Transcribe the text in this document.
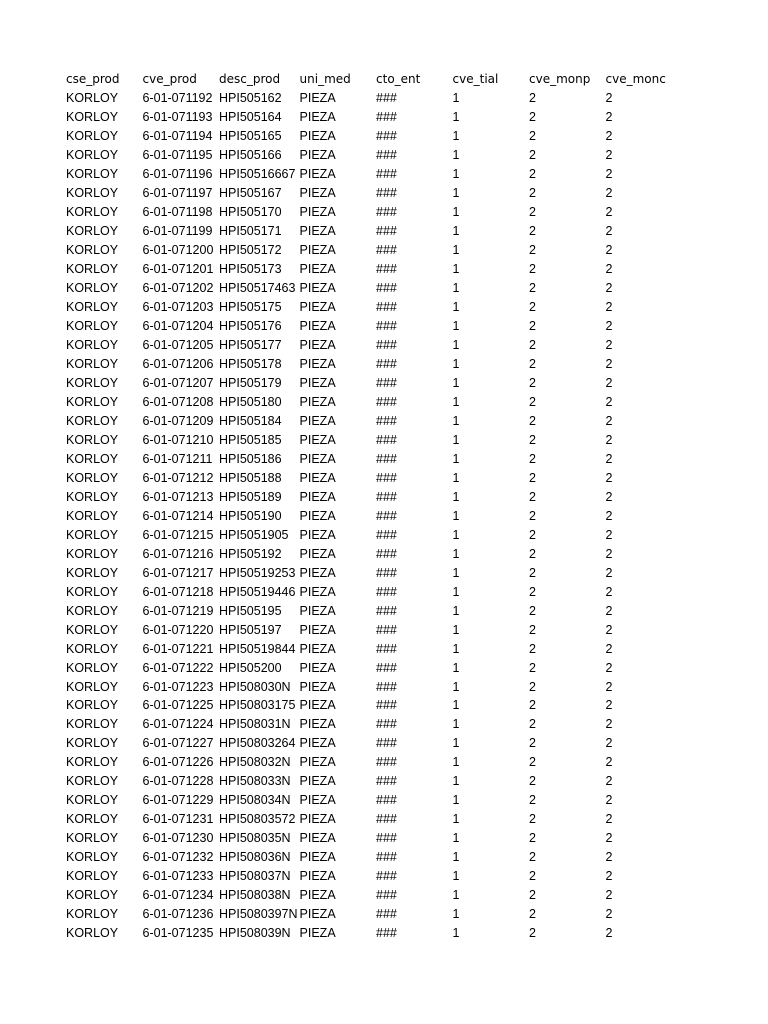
cse_prod	cve_prod	desc_prod	uni_med	cto_ent	cve_tial	cve_monp	cve_monc
KORLOY	6-01-071192	HPI505162	PIEZA	###	1	2	2
KORLOY	6-01-071193	HPI505164	PIEZA	###	1	2	2
KORLOY	6-01-071194	HPI505165	PIEZA	###	1	2	2
KORLOY	6-01-071195	HPI505166	PIEZA	###	1	2	2
KORLOY	6-01-071196	HPI50516667	PIEZA	###	1	2	2
KORLOY	6-01-071197	HPI505167	PIEZA	###	1	2	2
KORLOY	6-01-071198	HPI505170	PIEZA	###	1	2	2
KORLOY	6-01-071199	HPI505171	PIEZA	###	1	2	2
KORLOY	6-01-071200	HPI505172	PIEZA	###	1	2	2
KORLOY	6-01-071201	HPI505173	PIEZA	###	1	2	2
KORLOY	6-01-071202	HPI50517463	PIEZA	###	1	2	2
KORLOY	6-01-071203	HPI505175	PIEZA	###	1	2	2
KORLOY	6-01-071204	HPI505176	PIEZA	###	1	2	2
KORLOY	6-01-071205	HPI505177	PIEZA	###	1	2	2
KORLOY	6-01-071206	HPI505178	PIEZA	###	1	2	2
KORLOY	6-01-071207	HPI505179	PIEZA	###	1	2	2
KORLOY	6-01-071208	HPI505180	PIEZA	###	1	2	2
KORLOY	6-01-071209	HPI505184	PIEZA	###	1	2	2
KORLOY	6-01-071210	HPI505185	PIEZA	###	1	2	2
KORLOY	6-01-071211	HPI505186	PIEZA	###	1	2	2
KORLOY	6-01-071212	HPI505188	PIEZA	###	1	2	2
KORLOY	6-01-071213	HPI505189	PIEZA	###	1	2	2
KORLOY	6-01-071214	HPI505190	PIEZA	###	1	2	2
KORLOY	6-01-071215	HPI5051905	PIEZA	###	1	2	2
KORLOY	6-01-071216	HPI505192	PIEZA	###	1	2	2
KORLOY	6-01-071217	HPI50519253	PIEZA	###	1	2	2
KORLOY	6-01-071218	HPI50519446	PIEZA	###	1	2	2
KORLOY	6-01-071219	HPI505195	PIEZA	###	1	2	2
KORLOY	6-01-071220	HPI505197	PIEZA	###	1	2	2
KORLOY	6-01-071221	HPI50519844	PIEZA	###	1	2	2
KORLOY	6-01-071222	HPI505200	PIEZA	###	1	2	2
KORLOY	6-01-071223	HPI508030N	PIEZA	###	1	2	2
KORLOY	6-01-071225	HPI50803175	PIEZA	###	1	2	2
KORLOY	6-01-071224	HPI508031N	PIEZA	###	1	2	2
KORLOY	6-01-071227	HPI50803264	PIEZA	###	1	2	2
KORLOY	6-01-071226	HPI508032N	PIEZA	###	1	2	2
KORLOY	6-01-071228	HPI508033N	PIEZA	###	1	2	2
KORLOY	6-01-071229	HPI508034N	PIEZA	###	1	2	2
KORLOY	6-01-071231	HPI50803572	PIEZA	###	1	2	2
KORLOY	6-01-071230	HPI508035N	PIEZA	###	1	2	2
KORLOY	6-01-071232	HPI508036N	PIEZA	###	1	2	2
KORLOY	6-01-071233	HPI508037N	PIEZA	###	1	2	2
KORLOY	6-01-071234	HPI508038N	PIEZA	###	1	2	2
KORLOY	6-01-071236	HPI5080397N	PIEZA	###	1	2	2
KORLOY	6-01-071235	HPI508039N	PIEZA	###	1	2	2
